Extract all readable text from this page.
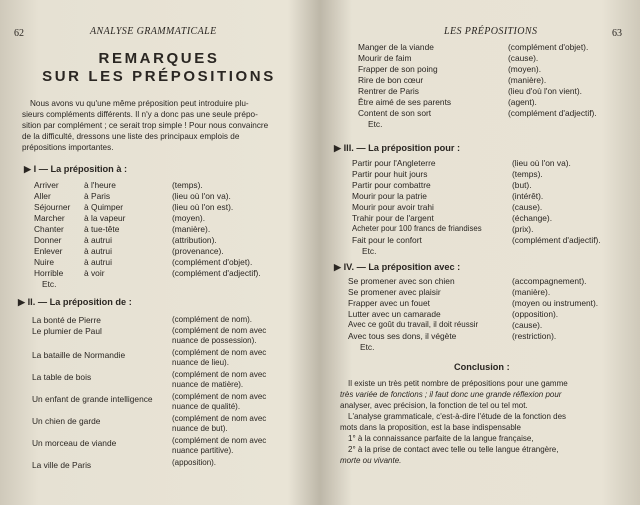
62	ANALYSE GRAMMATICALE
REMARQUES
SUR LES PRÉPOSITIONS
Nous avons vu qu'une même préposition peut introduire plu-
sieurs compléments différents. Il n'y a donc pas une seule prépo-
sition par complément ; ce serait trop simple ! Pour nous convaincre
de la difficulté, dressons une liste des principaux emplois de
prépositions importantes.
▶ I — La préposition à :
Arriver	à l'heure	(temps).
Aller	à Paris	(lieu où l'on va).
Séjourner à Quimper	(lieu où l'on est).
Marcher à la vapeur	(moyen).
Chanter à tue-tête	(manière).
Donner	à autrui	(attribution).
Enlever	à autrui	(provenance).
Nuire	à autrui	(complément d'objet).
Horrible à voir	(complément d'adjectif).
Etc.
▶ II. — La préposition de :
La bonté de Pierre	(complément de nom).
Le plumier de Paul	(complément de nom avec
nuance de possession).
La bataille de Normandie	(complément de nom avec
nuance de lieu).
La table de bois	(complément de nom avec
nuance de matière).
Un enfant de grande intelligence (complément de nom avec
nuance de qualité).
Un chien de garde	(complément de nom avec
nuance de but).
Un morceau de viande	(complément de nom avec
nuance partitive).
La ville de Paris	(apposition).
LES PRÉPOSITIONS	63
Manger de la viande	(complément d'objet).
Mourir de faim	(cause).
Frapper de son poing	(moyen).
Rire de bon cœur	(manière).
Rentrer de Paris	(lieu d'où l'on vient).
Être aimé de ses parents	(agent).
Content de son sort	(complément d'adjectif).
Etc.
▶ III. — La préposition pour :
Partir pour l'Angleterre	(lieu où l'on va).
Partir pour huit jours	(temps).
Partir pour combattre	(but).
Mourir pour la patrie	(intérêt).
Mourir pour avoir trahi	(cause).
Trahir pour de l'argent	(échange).
Acheter pour 100 francs de friandises	(prix).
Fait pour le confort	(complément d'adjectif).
Etc.
▶ IV. — La préposition avec :
Se promener avec son chien	(accompagnement).
Se promener avec plaisir	(manière).
Frapper avec un fouet	(moyen ou instrument).
Lutter avec un camarade	(opposition).
Avec ce goût du travail, il doit réussir	(cause).
Avec tous ses dons, il végète	(restriction).
Etc.
Conclusion :
Il existe un très petit nombre de prépositions pour une gamme
très variée de fonctions ; il faut donc une grande réflexion pour
analyser, avec précision, la fonction de tel ou tel mot.
L'analyse grammaticale, c'est-à-dire l'étude de la fonction des
mots dans la proposition, est la base indispensable
1° à la connaissance parfaite de la langue française,
2° à la prise de contact avec telle ou telle langue étrangère,
morte ou vivante.
